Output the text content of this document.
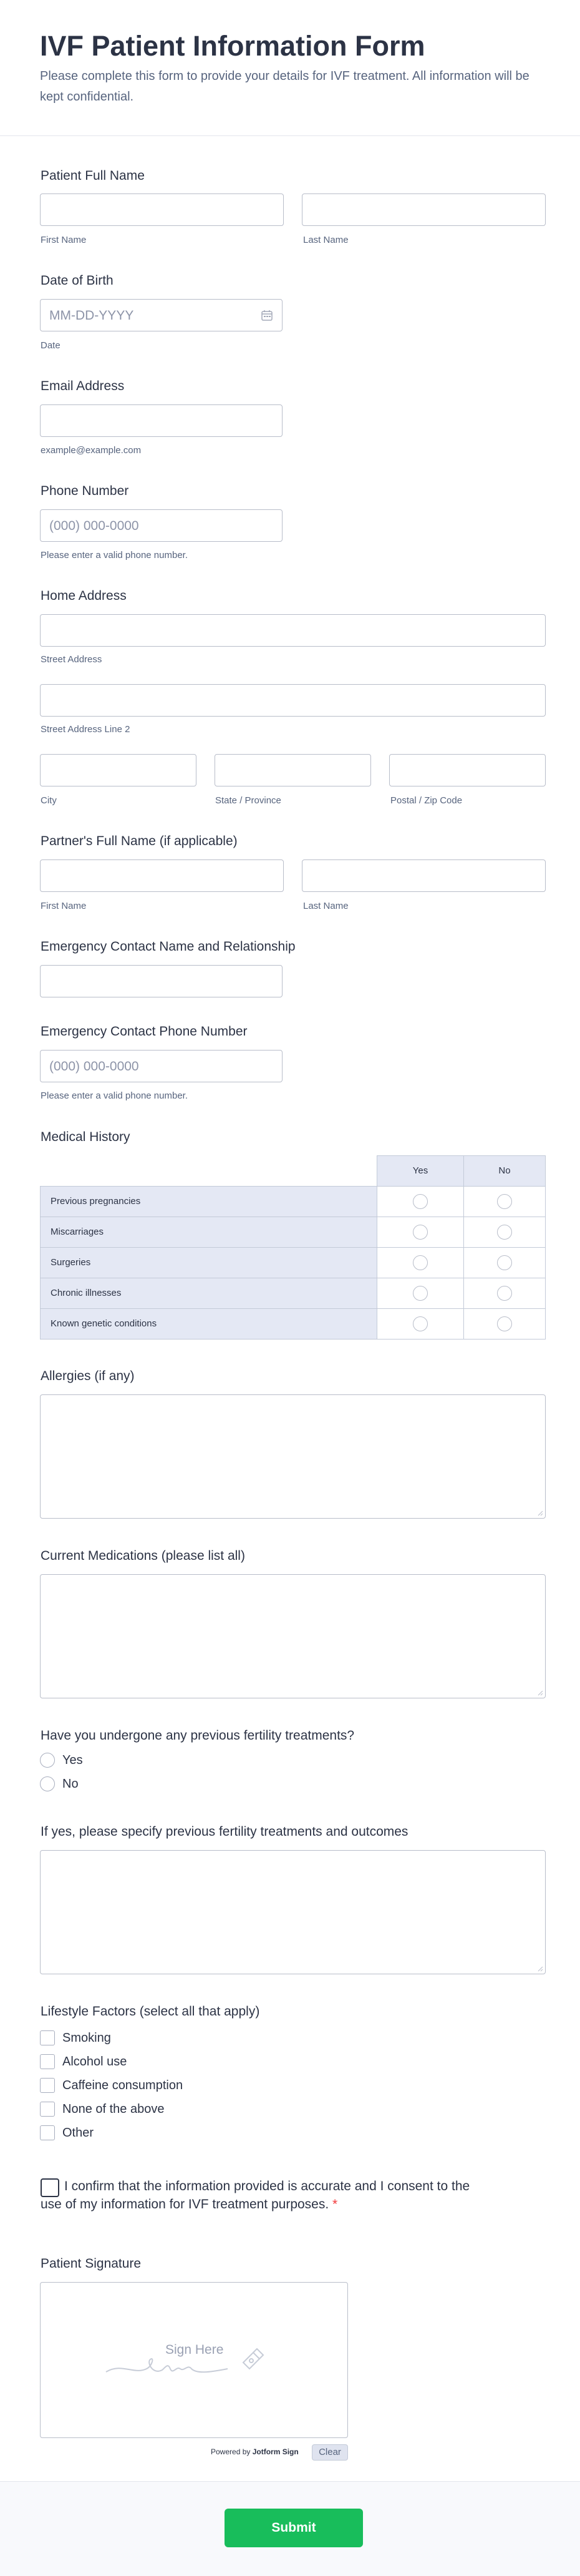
IVF Patient Information Form
Please complete this form to provide your details for IVF treatment. All information will be kept confidential.
Patient Full Name
First Name	Last Name
Date of Birth
MM-DD-YYYY
Date
Email Address
example@example.com
Phone Number
(000) 000-0000
Please enter a valid phone number.
Home Address
Street Address
Street Address Line 2
City	State / Province	Postal / Zip Code
Partner's Full Name (if applicable)
First Name	Last Name
Emergency Contact Name and Relationship
Emergency Contact Phone Number
(000) 000-0000
Please enter a valid phone number.
Medical History
Yes	No
Previous pregnancies
Miscarriages
Surgeries
Chronic illnesses
Known genetic conditions
Allergies (if any)
Current Medications (please list all)
Have you undergone any previous fertility treatments?
Yes
No
If yes, please specify previous fertility treatments and outcomes
Lifestyle Factors (select all that apply)
Smoking
Alcohol use
Caffeine consumption
None of the above
Other
I confirm that the information provided is accurate and I consent to the
use of my information for IVF treatment purposes. *
Patient Signature
Sign Here
Powered by Jotform Sign	Clear
Submit
